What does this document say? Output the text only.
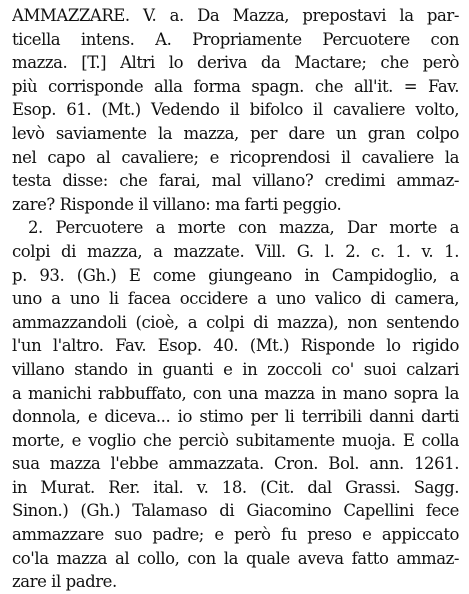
AMMAZZARE. V. a. Da Mazza, prepostavi la par-
ticella intens. A. Propriamente Percuotere con
mazza. [T.] Altri lo deriva da Mactare; che però
più corrisponde alla forma spagn. che all'it. = Fav.
Esop. 61. (Mt.) Vedendo il bifolco il cavaliere volto,
levò saviamente la mazza, per dare un gran colpo
nel capo al cavaliere; e ricoprendosi il cavaliere la
testa disse: che farai, mal villano? credimi ammaz-
zare? Risponde il villano: ma farti peggio.
2. Percuotere a morte con mazza, Dar morte a
colpi di mazza, a mazzate. Vill. G. l. 2. c. 1. v. 1.
p. 93. (Gh.) E come giungeano in Campidoglio, a
uno a uno li facea occidere a uno valico di camera,
ammazzandoli (cioè, a colpi di mazza), non sentendo
l'un l'altro. Fav. Esop. 40. (Mt.) Risponde lo rigido
villano stando in guanti e in zoccoli co' suoi calzari
a manichi rabbuffato, con una mazza in mano sopra la
donnola, e diceva... io stimo per li terribili danni darti
morte, e voglio che perciò subitamente muoja. E colla
sua mazza l'ebbe ammazzata. Cron. Bol. ann. 1261.
in Murat. Rer. ital. v. 18. (Cit. dal Grassi. Sagg.
Sinon.) (Gh.) Talamaso di Giacomino Capellini fece
ammazzare suo padre; e però fu preso e appiccato
co'la mazza al collo, con la quale aveva fatto ammaz-
zare il padre.
